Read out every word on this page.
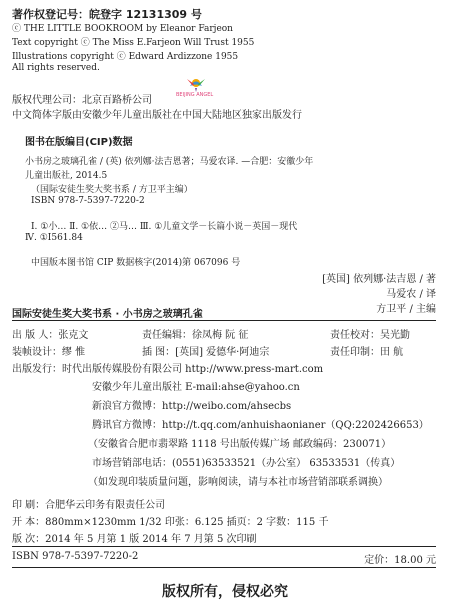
著作权登记号：皖登字 12131309 号
ⓒ THE LITTLE BOOKROOM by Eleanor Farjeon
Text copyright ⓒ The Miss E.Farjeon Will Trust 1955
Illustrations copyright ⓒ Edward Ardizzone 1955
All rights reserved.
BEIJING ANGEL
版权代理公司：北京百路桥公司
中文简体字版由安徽少年儿童出版社在中国大陆地区独家出版发行
图书在版编目(CIP)数据
小书房之玻璃孔雀 / (英) 依列娜·法吉恩著；马爱农译. —合肥：安徽少年
儿童出版社, 2014.5
（国际安徒生奖大奖书系 / 方卫平主编）
ISBN 978-7-5397-7220-2
Ⅰ. ①小… Ⅱ. ①依… ②马… Ⅲ. ①儿童文学－长篇小说－英国－现代
Ⅳ. ①I561.84
中国版本图书馆 CIP 数据核字(2014)第 067096 号
[英国] 依列娜·法吉恩 / 著
马爱农 / 译
方卫平 / 主编
国际安徒生奖大奖书系 · 小书房之玻璃孔雀
出 版 人：张克文	责任编辑：徐凤梅 阮 征	责任校对：吴光勤
装帧设计：缪 惟	插 图：[英国] 爱德华·阿迪宗	责任印制：田 航
出版发行：时代出版传媒股份有限公司 http://www.press-mart.com
安徽少年儿童出版社 E-mail:ahse@yahoo.cn
新浪官方微博：http://weibo.com/ahsecbs
腾讯官方微博：http://t.qq.com/anhuishaonianer（QQ:2202426653）
（安徽省合肥市翡翠路 1118 号出版传媒广场 邮政编码：230071）
市场营销部电话：(0551)63533521（办公室） 63533531（传真）
（如发现印装质量问题，影响阅读，请与本社市场营销部联系调换）
印 刷：合肥华云印务有限责任公司
开 本：880mm×1230mm 1/32 印张：6.125 插页：2 字数：115 千
版 次：2014 年 5 月第 1 版 2014 年 7 月第 5 次印刷
ISBN 978-7-5397-7220-2	定价：18.00 元
版权所有，侵权必究
